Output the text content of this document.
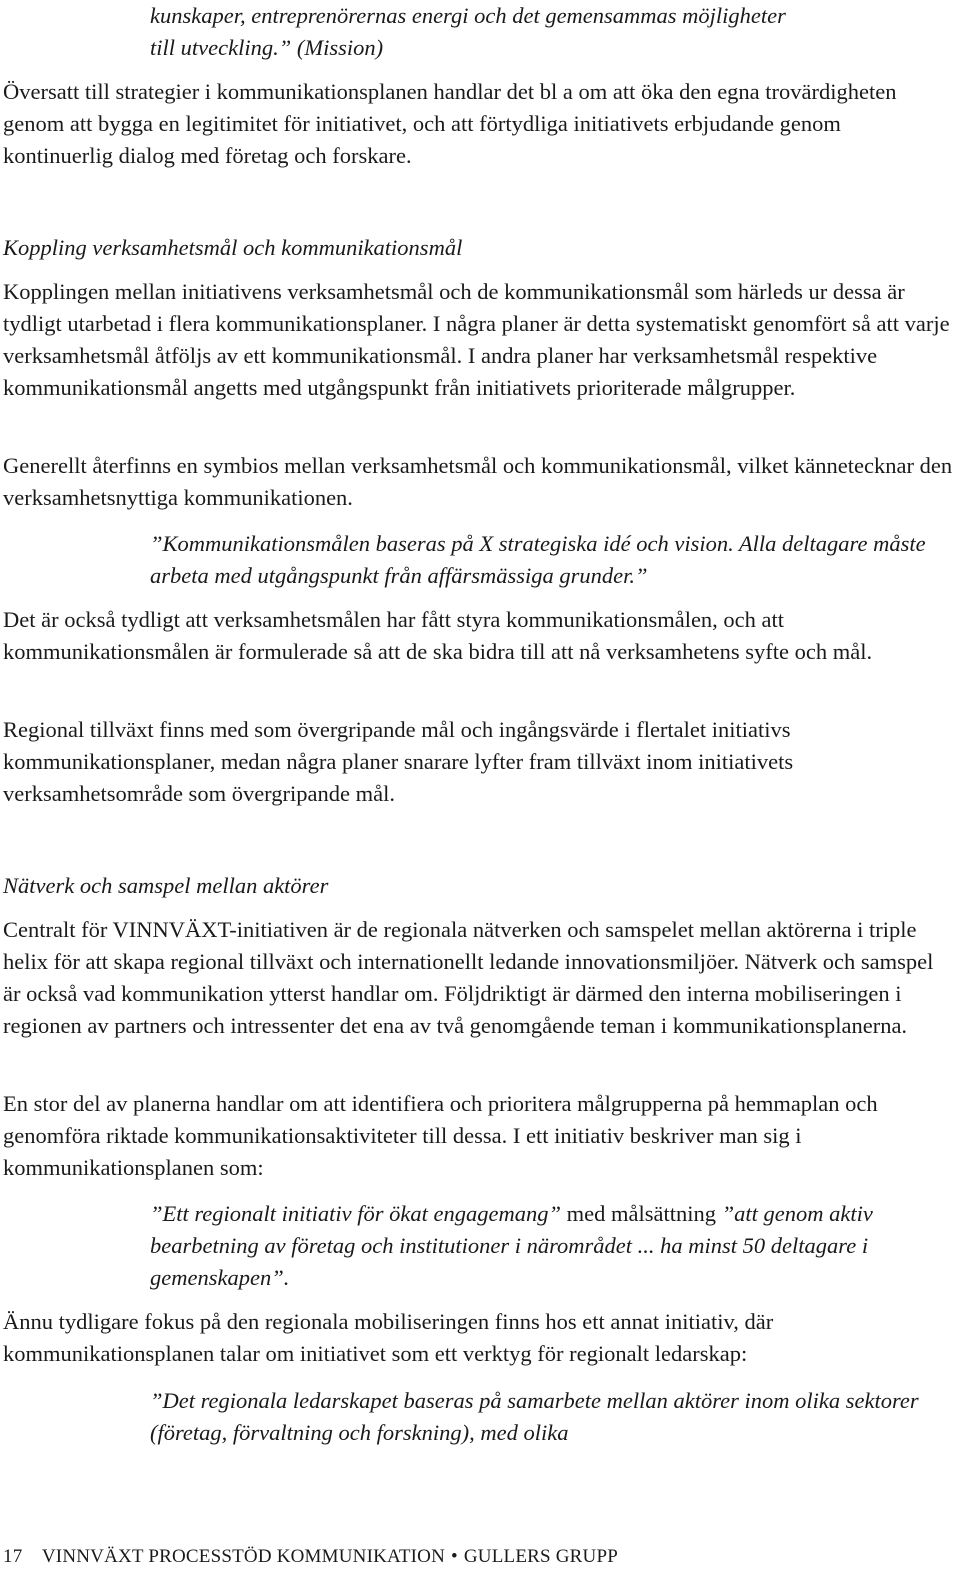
kunskaper, entreprenörernas energi och det gemensammas möjligheter
till utveckling.” (Mission)

Översatt till strategier i kommunikationsplanen handlar det bl a om att öka den egna trovärdigheten genom att bygga en legitimitet för initiativet, och att förtydliga initiativets erbjudande genom kontinuerlig dialog med företag och forskare.

Koppling verksamhetsmål och kommunikationsmål

Kopplingen mellan initiativens verksamhetsmål och de kommunikationsmål som härleds ur dessa är tydligt utarbetad i flera kommunikationsplaner. I några planer är detta systematiskt genomfört så att varje verksamhetsmål åtföljs av ett kommunikationsmål. I andra planer har verksamhetsmål respektive kommunikationsmål angetts med utgångspunkt från initiativets prioriterade målgrupper.

Generellt återfinns en symbios mellan verksamhetsmål och kommunikationsmål, vilket kännetecknar den verksamhetsnyttiga kommunikationen.

”Kommunikationsmålen baseras på X strategiska idé och vision. Alla deltagare måste arbeta med utgångspunkt från affärsmässiga grunder.”

Det är också tydligt att verksamhetsmålen har fått styra kommunikationsmålen, och att kommunikationsmålen är formulerade så att de ska bidra till att nå verksamhetens syfte och mål.

Regional tillväxt finns med som övergripande mål och ingångsvärde i flertalet initiativs kommunikationsplaner, medan några planer snarare lyfter fram tillväxt inom initiativets verksamhetsområde som övergripande mål.

Nätverk och samspel mellan aktörer

Centralt för VINNVÄXT-initiativen är de regionala nätverken och samspelet mellan aktörerna i triple helix för att skapa regional tillväxt och internationellt ledande innovationsmiljöer. Nätverk och samspel är också vad kommunikation ytterst handlar om. Följdriktigt är därmed den interna mobiliseringen i regionen av partners och intressenter det ena av två genomgående teman i kommunikationsplanerna.

En stor del av planerna handlar om att identifiera och prioritera målgrupperna på hemmaplan och genomföra riktade kommunikationsaktiviteter till dessa. I ett initiativ beskriver man sig i kommunikationsplanen som:

”Ett regionalt initiativ för ökat engagemang” med målsättning ”att genom aktiv bearbetning av företag och institutioner i närområdet ... ha minst 50 deltagare i gemenskapen”.

Ännu tydligare fokus på den regionala mobiliseringen finns hos ett annat initiativ, där kommunikationsplanen talar om initiativet som ett verktyg för regionalt ledarskap:

”Det regionala ledarskapet baseras på samarbete mellan aktörer inom olika sektorer (företag, förvaltning och forskning), med olika

17 VINNVÄXT PROCESSTÖD KOMMUNIKATION • GULLERS GRUPP
